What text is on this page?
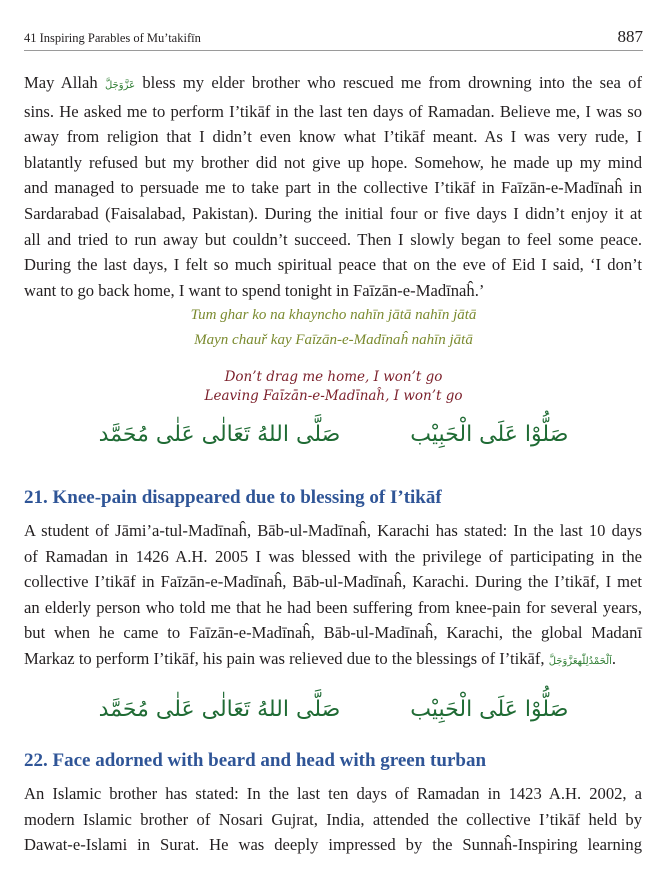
41 Inspiring Parables of Mu’takifīn	887
May Allah عَزَّوَجَلَّ bless my elder brother who rescued me from drowning into the sea of
sins. He asked me to perform I’tikāf in the last ten days of Ramadan. Believe me, I was so
away from religion that I didn’t even know what I’tikāf meant. As I was very rude, I
blatantly refused but my brother did not give up hope. Somehow, he made up my mind
and managed to persuade me to take part in the collective I’tikāf in Faīzān-e-Madīnaĥ in
Sardarabad (Faisalabad, Pakistan). During the initial four or five days I didn’t enjoy it at
all and tried to run away but couldn’t succeed. Then I slowly began to feel some peace.
During the last days, I felt so much spiritual peace that on the eve of Eid I said, ‘I don’t
want to go back home, I want to spend tonight in Faīzān-e-Madīnaĥ.’
Tum ghar ko na khayncho nahīn jātā nahīn jātā
Mayn chauř kay Faīzān-e-Madīnaĥ nahīn jātā
Don’t drag me home, I won’t go
Leaving Faīzān-e-Madīnaĥ, I won’t go
صَلُّوْا عَلَى الْحَبِيْب
صَلَّى اللهُ تَعَالٰى عَلٰى مُحَمَّد
21. Knee-pain disappeared due to blessing of I’tikāf
A student of Jāmi’a-tul-Madīnaĥ, Bāb-ul-Madīnaĥ, Karachi has stated: In the last 10 days
of Ramadan in 1426 A.H. 2005 I was blessed with the privilege of participating in the
collective I’tikāf in Faīzān-e-Madīnaĥ, Bāb-ul-Madīnaĥ, Karachi. During the I’tikāf, I met
an elderly person who told me that he had been suffering from knee-pain for several years,
but when he came to Faīzān-e-Madīnaĥ, Bāb-ul-Madīnaĥ, Karachi, the global Madanī
Markaz to perform I’tikāf, his pain was relieved due to the blessings of I’tikāf, اَلْحَمْدُلِلّٰهعَزَّوَجَلَّ.
صَلُّوْا عَلَى الْحَبِيْب
صَلَّى اللهُ تَعَالٰى عَلٰى مُحَمَّد
22. Face adorned with beard and head with green turban
An Islamic brother has stated: In the last ten days of Ramadan in 1423 A.H. 2002, a
modern Islamic brother of Nosari Gujrat, India, attended the collective I’tikāf held by
Dawat-e-Islami in Surat. He was deeply impressed by the Sunnaĥ-Inspiring learning
